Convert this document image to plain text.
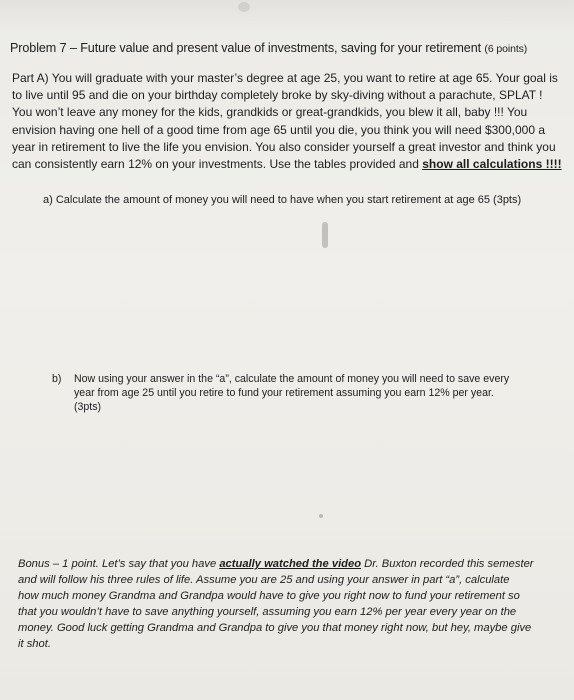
Problem 7 – Future value and present value of investments, saving for your retirement (6 points)
Part A) You will graduate with your master’s degree at age 25, you want to retire at age 65. Your goal is
to live until 95 and die on your birthday completely broke by sky-diving without a parachute, SPLAT !
You won’t leave any money for the kids, grandkids or great-grandkids, you blew it all, baby !!! You
envision having one hell of a good time from age 65 until you die, you think you will need $300,000 a
year in retirement to live the life you envision. You also consider yourself a great investor and think you
can consistently earn 12% on your investments. Use the tables provided and show all calculations !!!!
a) Calculate the amount of money you will need to have when you start retirement at age 65 (3pts)
b)	Now using your answer in the “a”, calculate the amount of money you will need to save every
year from age 25 until you retire to fund your retirement assuming you earn 12% per year.
(3pts)
Bonus – 1 point. Let’s say that you have actually watched the video Dr. Buxton recorded this semester
and will follow his three rules of life. Assume you are 25 and using your answer in part “a”, calculate
how much money Grandma and Grandpa would have to give you right now to fund your retirement so
that you wouldn’t have to save anything yourself, assuming you earn 12% per year every year on the
money. Good luck getting Grandma and Grandpa to give you that money right now, but hey, maybe give
it shot.
